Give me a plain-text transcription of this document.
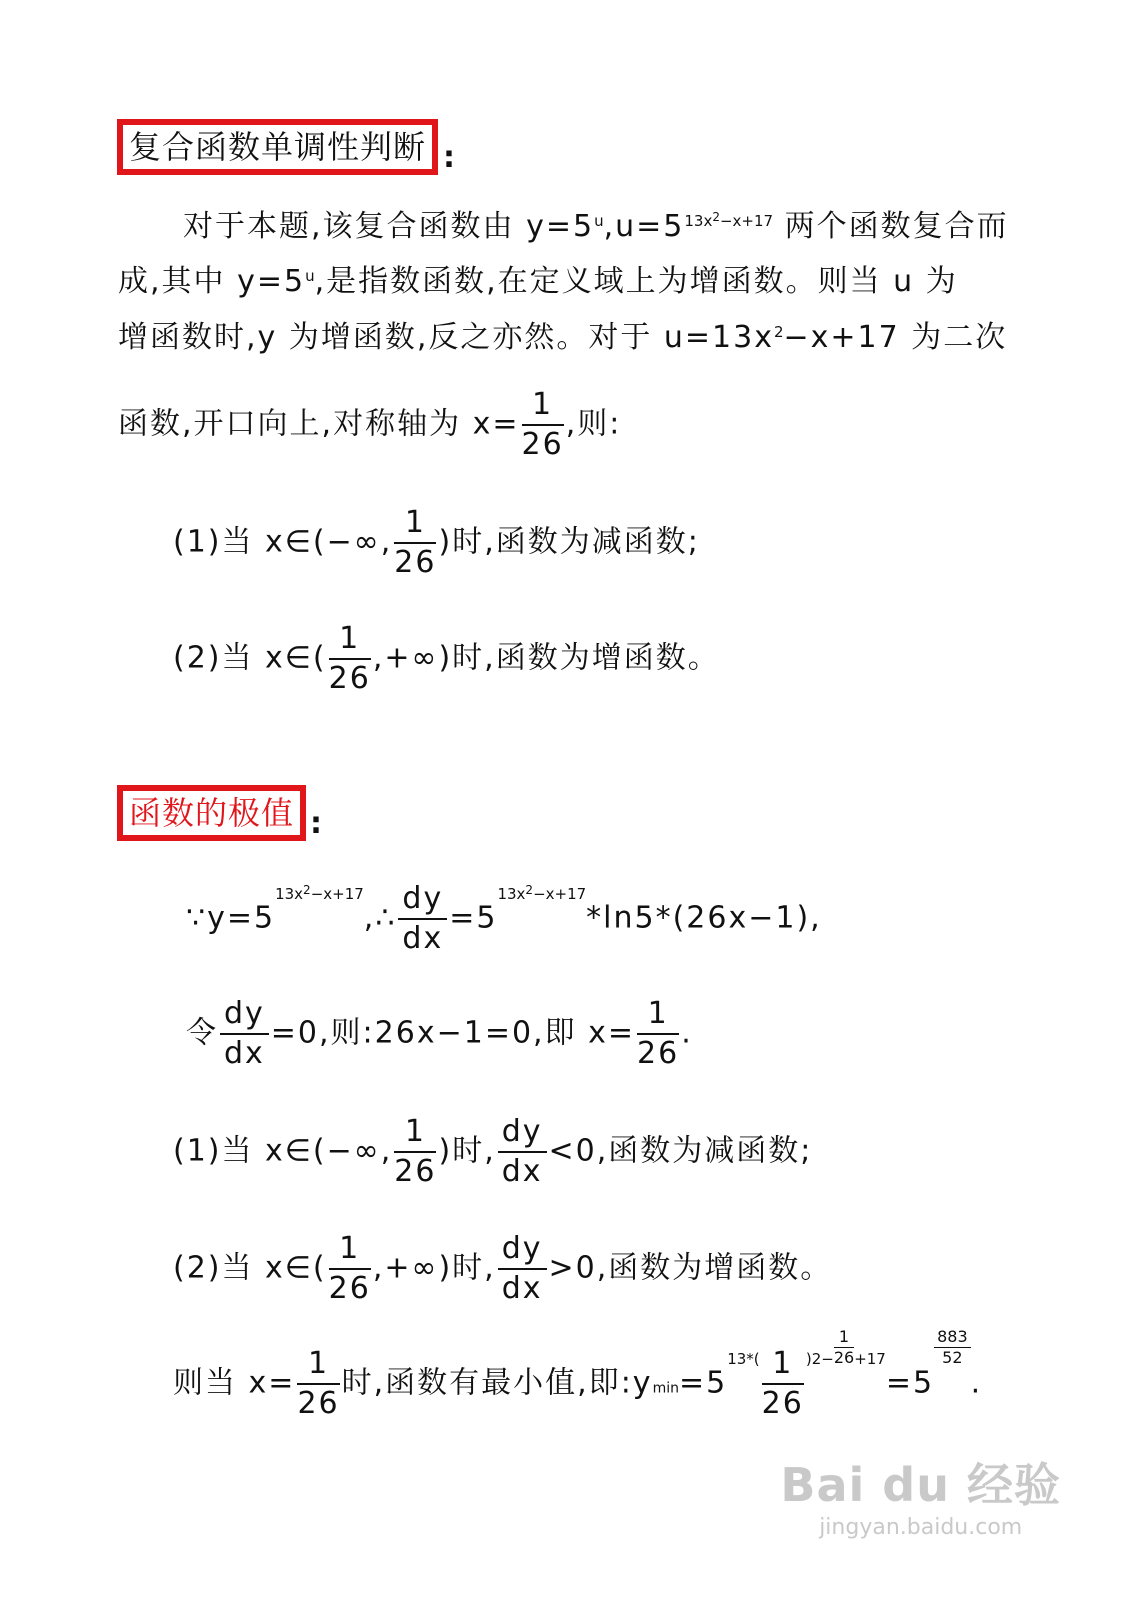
复合函数单调性判断 :
对于本题,该复合函数由 $y=5^u,u=5^{13x^2-x+17}$ 两个函数复合而
成,其中 $y=5^u$,是指数函数,在定义域上为增函数。则当 u 为
增函数时,y 为增函数,反之亦然。对于 $u=13x^2-x+17$ 为二次
函数,开口向上,对称轴为 $x= \frac{1}{26}$ ,则:
(1)当 x∈(−∞, $\frac{1}{26}$ )时,函数为减函数;
(2)当 x∈( $\frac{1}{26}$ ,+∞)时,函数为增函数。
函数的极值 :
$\because y=5^{13x^2-x+17},\therefore \frac{dy}{dx} =5^{13x^2-x+17}*\ln 5*(26x-1)$,
令 $\frac{dy}{dx} =0$,则:26x−1=0,即 $x= \frac{1}{26}$ .
(1)当 x∈(−∞, $\frac{1}{26}$ )时, $\frac{dy}{dx} <0$,函数为减函数;
(2)当 x∈( $\frac{1}{26}$ ,+∞)时, $\frac{dy}{dx} >0$,函数为增函数。
则当 $x= \frac{1}{26}$ 时,函数有最小值,即$:ymin=5^{13*(} \frac{1}{26} ^{)2-} \frac{1}{26} ^{+17}=5$
$\frac{883}{52}$
.
Bai du 经验
jingyan.baidu.com
